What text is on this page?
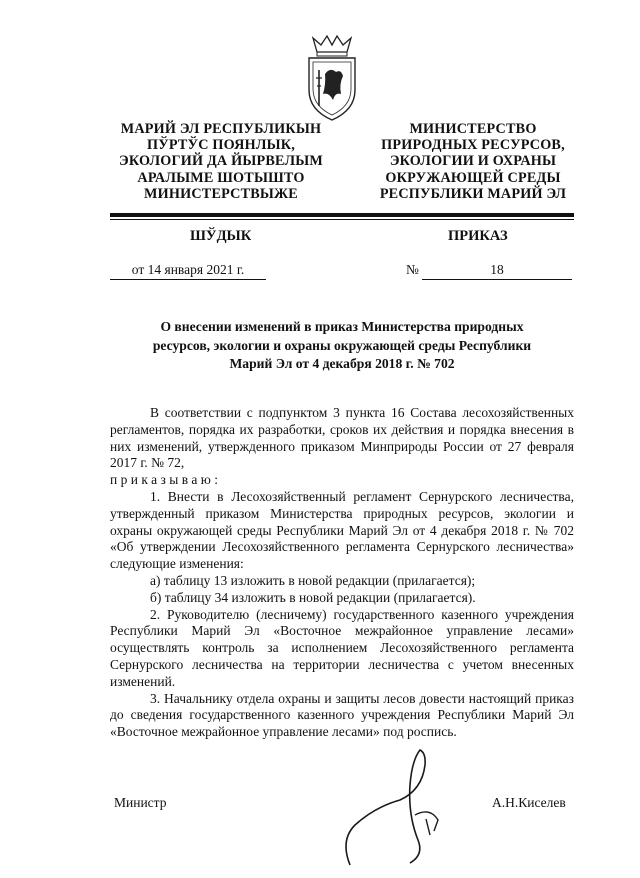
МАРИЙ ЭЛ РЕСПУБЛИКЫН
ПЎРТЎС ПОЯНЛЫК,
ЭКОЛОГИЙ ДА ЙЫРВЕЛЫМ
АРАЛЫМЕ ШОТЫШТО
МИНИСТЕРСТВЫЖЕ
МИНИСТЕРСТВО
ПРИРОДНЫХ РЕСУРСОВ,
ЭКОЛОГИИ И ОХРАНЫ
ОКРУЖАЮЩЕЙ СРЕДЫ
РЕСПУБЛИКИ МАРИЙ ЭЛ
ШЎДЫК	ПРИКАЗ
от 14 января 2021 г.	№	18
О внесении изменений в приказ Министерства природных
ресурсов, экологии и охраны окружающей среды Республики
Марий Эл от 4 декабря 2018 г. № 702

В соответствии с подпунктом 3 пункта 16 Состава лесохозяйственных регламентов, порядка их разработки, сроков их действия и порядка внесения в них изменений, утвержденного приказом Минприроды России от 27 февраля 2017 г. № 72,

приказываю:

1. Внести в Лесохозяйственный регламент Сернурского лесничества, утвержденный приказом Министерства природных ресурсов, экологии и охраны окружающей среды Республики Марий Эл от 4 декабря 2018 г. № 702 «Об утверждении Лесохозяйственного регламента Сернурского лесничества» следующие изменения:

а) таблицу 13 изложить в новой редакции (прилагается);

б) таблицу 34 изложить в новой редакции (прилагается).

2. Руководителю (лесничему) государственного казенного учреждения Республики Марий Эл «Восточное межрайонное управление лесами» осуществлять контроль за исполнением Лесохозяйственного регламента Сернурского лесничества на территории лесничества с учетом внесенных изменений.

3. Начальнику отдела охраны и защиты лесов довести настоящий приказ до сведения государственного казенного учреждения Республики Марий Эл «Восточное межрайонное управление лесами» под роспись.

Министр	А.Н.Киселев
